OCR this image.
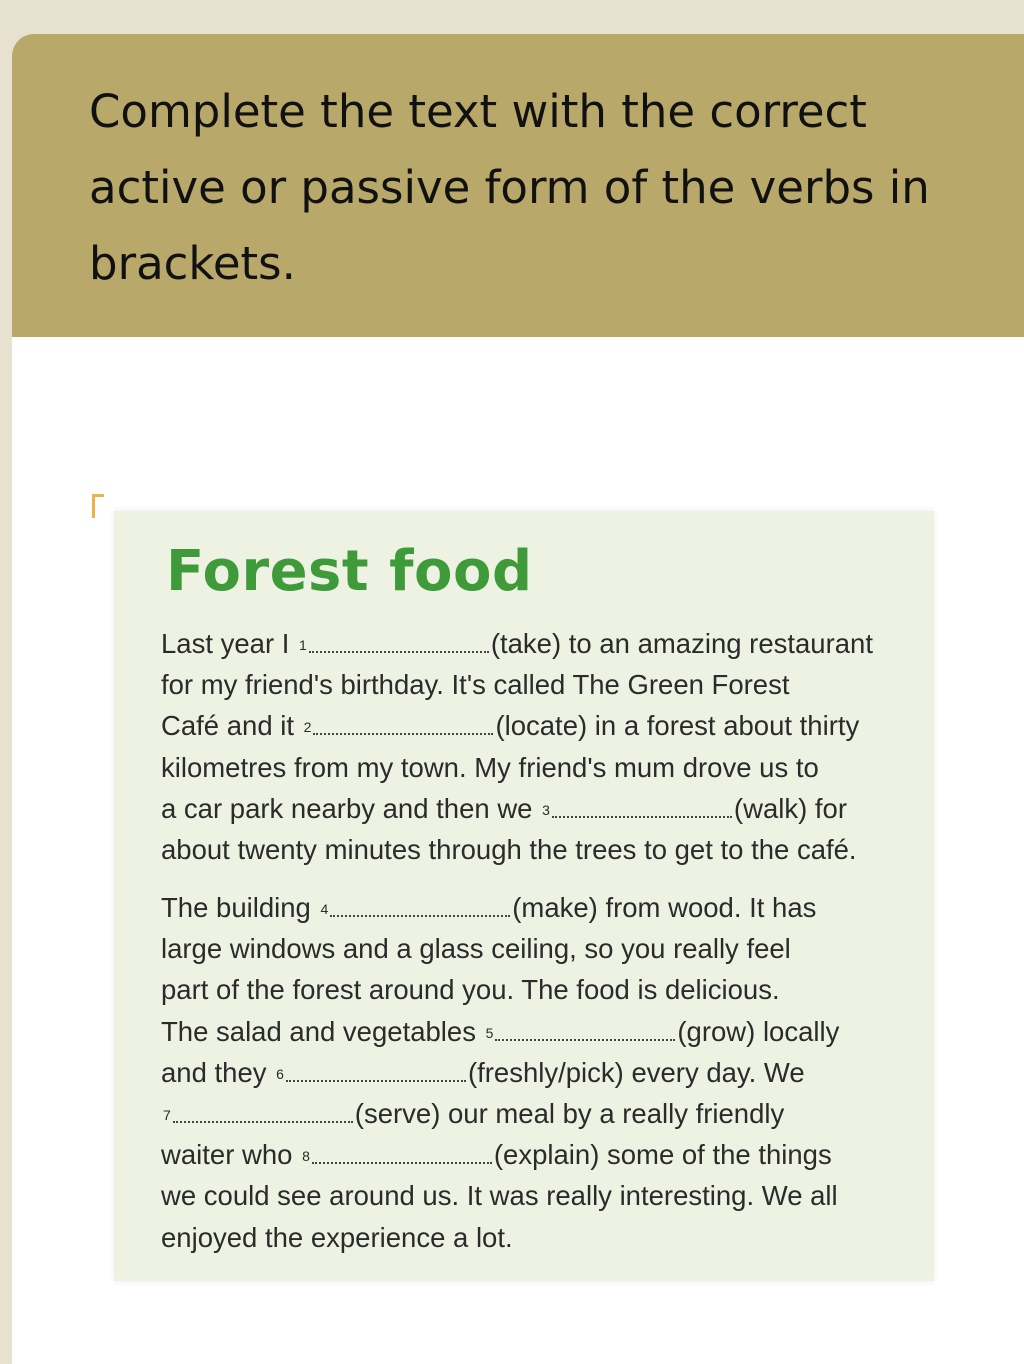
Complete the text with the correct active or passive form of the verbs in brackets.

Forest food

Last year I $^1$	(take) to an amazing restaurant
for my friend's birthday. It's called The Green Forest
Café and it $^2$	(locate) in a forest about thirty
kilometres from my town. My friend's mum drove us to
a car park nearby and then we $^3$	(walk) for
about twenty minutes through the trees to get to the café.

The building $^4$	(make) from wood. It has
large windows and a glass ceiling, so you really feel
part of the forest around you. The food is delicious.
The salad and vegetables $^5$	(grow) locally
and they $^6$	(freshly/pick) every day. We
$^7$	(serve) our meal by a really friendly
waiter who $^8$	(explain) some of the things
we could see around us. It was really interesting. We all
enjoyed the experience a lot.
